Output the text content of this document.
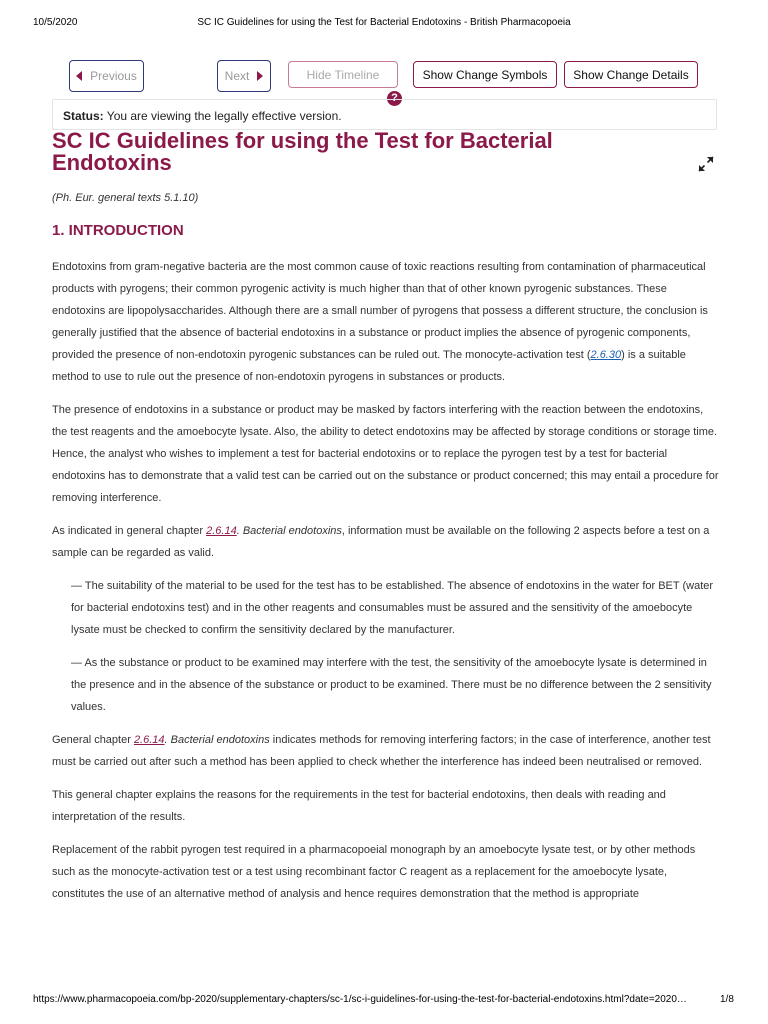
10/5/2020	SC IC Guidelines for using the Test for Bacterial Endotoxins - British Pharmacopoeia
Previous	Next	Hide Timeline	Show Change Symbols	Show Change Details
?
Status: You are viewing the legally effective version.
SC IC Guidelines for using the Test for Bacterial Endotoxins
(Ph. Eur. general texts 5.1.10)
1. INTRODUCTION

Endotoxins from gram-negative bacteria are the most common cause of toxic reactions resulting from contamination of pharmaceutical products with pyrogens; their common pyrogenic activity is much higher than that of other known pyrogenic substances. These endotoxins are lipopolysaccharides. Although there are a small number of pyrogens that possess a different structure, the conclusion is generally justified that the absence of bacterial endotoxins in a substance or product implies the absence of pyrogenic components, provided the presence of non-endotoxin pyrogenic substances can be ruled out. The monocyte-activation test (2.6.30) is a suitable method to use to rule out the presence of non-endotoxin pyrogens in substances or products.

The presence of endotoxins in a substance or product may be masked by factors interfering with the reaction between the endotoxins, the test reagents and the amoebocyte lysate. Also, the ability to detect endotoxins may be affected by storage conditions or storage time. Hence, the analyst who wishes to implement a test for bacterial endotoxins or to replace the pyrogen test by a test for bacterial endotoxins has to demonstrate that a valid test can be carried out on the substance or product concerned; this may entail a procedure for removing interference.

As indicated in general chapter 2.6.14. Bacterial endotoxins, information must be available on the following 2 aspects before a test on a sample can be regarded as valid.

— The suitability of the material to be used for the test has to be established. The absence of endotoxins in the water for BET (water for bacterial endotoxins test) and in the other reagents and consumables must be assured and the sensitivity of the amoebocyte lysate must be checked to confirm the sensitivity declared by the manufacturer.

— As the substance or product to be examined may interfere with the test, the sensitivity of the amoebocyte lysate is determined in the presence and in the absence of the substance or product to be examined. There must be no difference between the 2 sensitivity values.

General chapter 2.6.14. Bacterial endotoxins indicates methods for removing interfering factors; in the case of interference, another test must be carried out after such a method has been applied to check whether the interference has indeed been neutralised or removed.

This general chapter explains the reasons for the requirements in the test for bacterial endotoxins, then deals with reading and interpretation of the results.

Replacement of the rabbit pyrogen test required in a pharmacopoeial monograph by an amoebocyte lysate test, or by other methods such as the monocyte-activation test or a test using recombinant factor C reagent as a replacement for the amoebocyte lysate, constitutes the use of an alternative method of analysis and hence requires demonstration that the method is appropriate

https://www.pharmacopoeia.com/bp-2020/supplementary-chapters/sc-1/sc-i-guidelines-for-using-the-test-for-bacterial-endotoxins.html?date=2020…	1/8
